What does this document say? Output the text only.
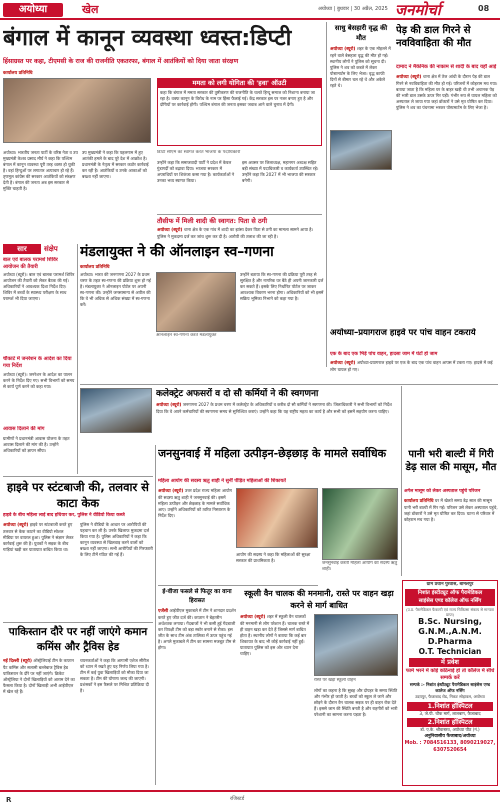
अयोध्या	खेल	अयोध्या | बुधवार | 30 अप्रैल, 2025 जनमोर्चा	08
बंगाल में कानून व्यवस्था ध्वस्त:डिप्टी
हिंसाग्रस्त पर कहा, टीएमसी के राज की राजनीति एकतरफा, बंगाल में आतंकियों को दिया जाता संरक्षण
कार्यालय प्रतिनिधि
डिप्टी सीएम का स्वागत करते भाजपा के पदाधिकारी

अयोध्या। भारतीय जनता पार्टी के वरिष्ठ नेता व उप मुख्यमंत्री केशव प्रसाद मौर्य ने कहा कि पश्चिम बंगाल में कानून व्यवस्था पूरी तरह ध्वस्त हो चुकी है। वहां हिन्दुओं पर लगातार अत्याचार हो रहे हैं। तृणमूल कांग्रेस की सरकार आतंकियों को संरक्षण देती है। बंगाल की जनता अब इस सरकार से मुक्ति चाहती है।

उप मुख्यमंत्री ने कहा कि पहलगाम में हुए आतंकी हमले के बाद पूरे देश में आक्रोश है। प्रधानमंत्री के नेतृत्व में सरकार कठोर कार्रवाई कर रही है। आतंकियों व उनके आकाओं को बख्शा नहीं जाएगा।

उन्होंने कहा कि समाजवादी पार्टी ने प्रदेश में केवल गुंडागर्दी को बढ़ावा दिया। भाजपा सरकार में अपराधियों पर शिकंजा कसा गया है। कार्यकर्ताओं ने उनका भव्य स्वागत किया।

इस अवसर पर जिलाध्यक्ष, महानगर अध्यक्ष सहित बड़ी संख्या में पदाधिकारी व कार्यकर्ता उपस्थित रहे। उन्होंने कहा कि 2027 में भी भाजपा की सरकार बनेगी।

ममता को लगी योगिता की 'हवा' ऑउटी
कहा कि बंगाल में ममता सरकार की तुष्टीकरण की राजनीति के चलते हिन्दू समाज को निशाना बनाया जा रहा है। वक्फ कानून के विरोध के नाम पर हिंसा फैलाई गई। केंद्र सरकार इस पर नजर बनाए हुए है और दोषियों पर कार्रवाई होगी। पश्चिम बंगाल की जनता इसका जवाब आने वाले चुनाव में देगी।
तौसीफ में मिली शादी की स्वागत: पिता से ठगी
अयोध्या (ब्यूरो) थाना क्षेत्र के एक गांव में शादी का झांसा देकर पिता से ठगी का मामला सामने आया है। पुलिस ने मुकदमा दर्ज कर जांच शुरू कर दी है। आरोपी की तलाश की जा रही है।
साधु बेसहारी वृद्ध की मौत
अयोध्या (ब्यूरो) शहर के एक मोहल्ले में रहने वाले बेसहारा वृद्ध की मौत हो गई। स्थानीय लोगों ने पुलिस को सूचना दी। पुलिस ने शव को कब्जे में लेकर पोस्टमार्टम के लिए भेजा। वृद्ध काफी दिनों से बीमार चल रहे थे और अकेले रहते थे।
पेड़ की डाल गिरने से नवविवाहिता की मौत
दामाद ने मैकेनिक की नाकाम से शादी के बाद यहाँ आई
अयोध्या (ब्यूरो) थाना क्षेत्र में तेज आंधी के दौरान पेड़ की डाल गिरने से नवविवाहिता की मौत हो गई। परिजनों में कोहराम मच गया। बताया जाता है कि महिला घर के बाहर खड़ी थी तभी अचानक पेड़ की भारी डाल उसके ऊपर गिर पड़ी। गंभीर रूप से घायल महिला को अस्पताल ले जाया गया जहां डॉक्टरों ने उसे मृत घोषित कर दिया। पुलिस ने शव का पंचनामा भरकर पोस्टमार्टम के लिए भेजा है।
सार	संक्षेप
बाल एवं बालक परामर्श शिविर आयोजन की तैयारी
अयोध्या (ब्यूरो)। बाल एवं बालक परामर्श शिविर आयोजन की तैयारी को लेकर बैठक की गई। अधिकारियों ने आवश्यक दिशा निर्देश दिए। शिविर में बच्चों के स्वास्थ्य परीक्षण के साथ परामर्श भी दिया जाएगा।
चौकाटे में जनरेशन के आदेश का दिया गया निर्देश
अयोध्या (ब्यूरो)। जनरेशन के आदेश का पालन करने के निर्देश दिए गए। सभी विभागों को समय से कार्य पूर्ण करने को कहा गया।
आवास दिलाने की मांग
ग्रामीणों ने प्रधानमंत्री आवास योजना के तहत आवास दिलाने की मांग की है। उन्होंने अधिकारियों को ज्ञापन सौंपा।
मंडलायुक्त ने की ऑनलाइन स्व–गणना
कार्यालय प्रतिनिधि
अयोध्या। भारत की जनगणना 2027 के प्रथम चरण के तहत स्व-गणना की प्रक्रिया शुरू हो गई है। मंडलायुक्त ने ऑनलाइन पोर्टल पर अपनी स्व-गणना की। उन्होंने जनसामान्य से अपील की कि वे भी अधिक से अधिक संख्या में स्व-गणना करें।
ऑनलाइन स्व-गणना करते मंडलायुक्त
उन्होंने बताया कि स्व-गणना की प्रक्रिया पूरी तरह से सुरक्षित है और नागरिक घर बैठे ही अपनी जानकारी दर्ज कर सकते हैं। इसके लिए निर्धारित पोर्टल पर जाकर आवश्यक विवरण भरना होगा। अधिकारियों को भी इसमें सक्रिय भूमिका निभाने को कहा गया है।
कलेक्ट्रेट अफसरों व दो सौ कर्मियों ने की स्वगणना
अयोध्या (ब्यूरो) जनगणना 2027 के प्रथम चरण में कलेक्ट्रेट के अधिकारियों व करीब दो सौ कर्मियों ने स्वगणना की। जिलाधिकारी ने सभी विभागों को निर्देश दिया कि वे अपने कर्मचारियों की स्वगणना समय से सुनिश्चित कराएं। उन्होंने कहा कि यह राष्ट्रीय महत्व का कार्य है और सभी को इसमें सहयोग करना चाहिए।
अयोध्या–प्रयागराज हाइवे पर पांच वाहन टकराये
एक के बाद एक भिड़े पांच वाहन, हादसा जाम में घंटों हो जाम
अयोध्या (ब्यूरो) अयोध्या-प्रयागराज हाइवे पर एक के बाद एक पांच वाहन आपस में टकरा गए। हादसे में कई लोग घायल हो गए।
हाइवे पर स्टंटबाजी की, तलवार से काटा केक
हाइवे के बीच महिला लाई बाद हथियार कर, पुलिस ने वीडियो किया कब्जे
अयोध्या (ब्यूरो) हाइवे पर स्टंटबाजी करते हुए तलवार से केक काटने का वीडियो सोशल मीडिया पर वायरल हुआ। पुलिस ने संज्ञान लेकर कार्रवाई शुरू की है। युवकों ने सड़क के बीच गाड़ियां खड़ी कर यातायात बाधित किया था।
पुलिस ने वीडियो के आधार पर आरोपियों की पहचान कर ली है। उनके खिलाफ मुकदमा दर्ज किया गया है। पुलिस अधिकारियों ने कहा कि कानून व्यवस्था से खिलवाड़ करने वालों को बख्शा नहीं जाएगा। सभी आरोपियों की गिरफ्तारी के लिए टीमें गठित की गई हैं।
जनसुनवाई में महिला उत्पीड़न-छेड़छाड़ के मामले सर्वाधिक
महिला आयोग की सदस्य ऋतु शाही ने सुनीं पीड़ित महिलाओं की शिकायतें
अयोध्या (ब्यूरो) उत्तर प्रदेश राज्य महिला आयोग की सदस्य ऋतु शाही ने जनसुनवाई की। इसमें महिला उत्पीड़न और छेड़छाड़ के मामले सर्वाधिक आए। उन्होंने अधिकारियों को त्वरित निस्तारण के निर्देश दिए।
आयोग की सदस्य ने कहा कि महिलाओं की सुरक्षा सरकार की प्राथमिकता है।
जनसुनवाई करतीं महिला आयोग की सदस्य ऋतु शाही।
पानी भरी बाल्टी में गिरी डेढ़ साल की मासूम, मौत
अगेल मासूम को लेकर अस्पताल पहुंचे परिजन
कार्यालय प्रतिनिधि घर में खेलते समय डेढ़ साल की मासूम पानी भरी बाल्टी में गिर गई। परिजन उसे लेकर अस्पताल पहुंचे, जहां डॉक्टरों ने उसे मृत घोषित कर दिया। घटना से परिवार में कोहराम मच गया है।
पाकिस्तान दौरे पर नहीं जाएंगे कमान कमिंस और ट्रैविस हेड
नई दिल्ली (ब्यूरो) ऑस्ट्रेलियाई टीम के कप्तान पैट कमिंस और सलामी बल्लेबाज ट्रैविस हेड पाकिस्तान के दौरे पर नहीं जाएंगे। क्रिकेट ऑस्ट्रेलिया ने दोनों खिलाड़ियों को आराम देने का फैसला किया है। दोनों खिलाड़ी अभी आईपीएल में खेल रहे हैं।
चयनकर्ताओं ने कहा कि आगामी एशेज सीरीज को ध्यान में रखते हुए यह निर्णय लिया गया है। टीम में कई युवा खिलाड़ियों को मौका दिया जा सकता है। टीम की घोषणा जल्द की जाएगी। प्रशंसकों ने इस फैसले पर मिश्रित प्रतिक्रिया दी है।
ई-वीजा फसले से फितूर का वाना हिरासत
एजेंसी आईपीएल मुकाबले में टीम ने शानदार प्रदर्शन करते हुए जीत दर्ज की। कप्तान ने बेहतरीन अर्धशतक लगाया। गेंदबाजों ने भी कसी हुई गेंदबाजी कर विपक्षी टीम को बड़ा स्कोर बनाने से रोका। इस जीत के साथ टीम अंक तालिका में ऊपर पहुंच गई है। अगले मुकाबले में टीम का सामना मजबूत टीम से होगा।
स्कूली वैन चालक की मनमानी, रास्ते पर वाहन खड़ा करने से मार्ग बाधित
अयोध्या (ब्यूरो) शहर में स्कूली वैन चालकों की मनमानी से लोग परेशान हैं। चालक रास्ते में ही वाहन खड़ा कर देते हैं जिससे मार्ग बाधित होता है। स्थानीय लोगों ने बताया कि कई बार शिकायत के बाद भी कोई कार्रवाई नहीं हुई। यातायात पुलिस को इस ओर ध्यान देना चाहिए।
रास्ते पर खड़ा स्कूली वाहन
लोगों का कहना है कि सुबह और दोपहर के समय स्थिति और गंभीर हो जाती है। बच्चों को स्कूल ले जाने और छोड़ने के दौरान वैन चालक सड़क पर ही वाहन रोक देते हैं। इससे जाम की स्थिति बनती है और राहगीरों को भारी परेशानी का सामना करना पड़ता है।
ग्राम प्रधान पुरवास, बामलपुर
निशांत इंस्टीट्यूट ऑफ पैरामेडिकल
साइंसेस एण्ड कॉलेज ऑफ नर्सिंग
(उ.प्र. पैरामेडिकल फैकल्टी एवं राज्य चिकित्सा संकाय से मान्यता प्राप्त)
B.Sc. Nursing,
G.N.M.,A.N.M.
D.Pharma
O.T. Technician
में प्रवेश
फार्म भरने में कोई कठिनाई हो तो कॉलेज में सीधे सम्पर्क करें
सम्पर्क :- निशांत इंस्टीट्यूट पैरामेडिकल साइंसेस एण्ड कालेज ऑफ नर्सिंग
उदयपुर, फैजाबाद रोड, निकट सोहावल, अयोध्या
1.निशांत हॉस्पिटल
3, जे.पी. चौक मार्ग, लालबाग, फैजाबाद
2.निशांत हॉस्पिटल
डॉ. ए.के. श्रीवास्तव, अयोध्या पीठ (नं.)
अनुनिवासीय फैजाबाद/अयोध्या
Mob. : 7084516133, 8090219027,
6307520654
R	रजिस्टर्ड
